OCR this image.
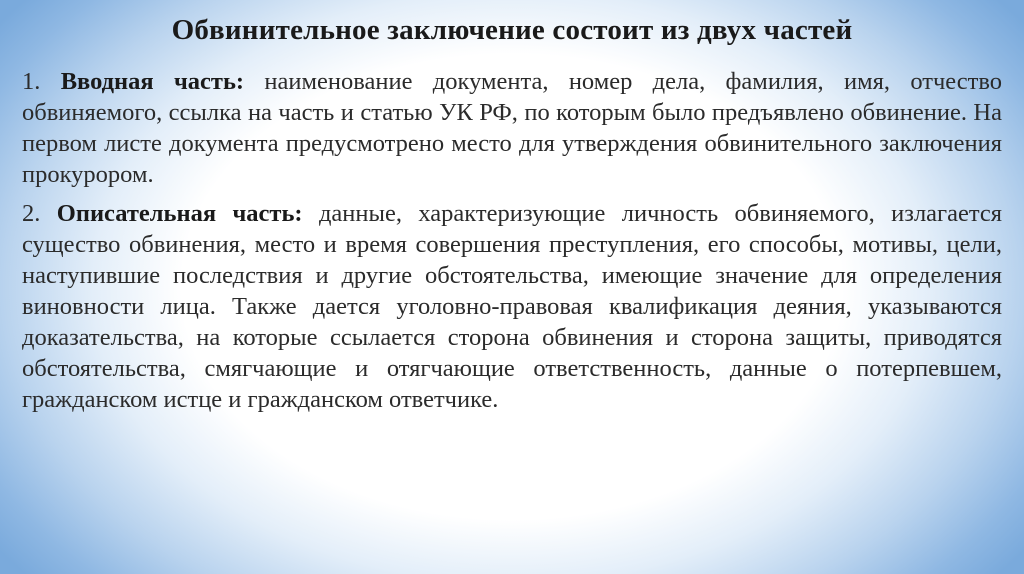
Обвинительное заключение состоит из двух частей

1. Вводная часть: наименование документа, номер дела, фамилия, имя, отчество обвиняемого, ссылка на часть и статью УК РФ, по которым было предъявлено обвинение. На первом листе документа предусмотрено место для утверждения обвинительного заключения прокурором.

2. Описательная часть: данные, характеризующие личность обвиняемого, излагается существо обвинения, место и время совершения преступления, его способы, мотивы, цели, наступившие последствия и другие обстоятельства, имеющие значение для определения виновности лица. Также дается уголовно-правовая квалификация деяния, указываются доказательства, на которые ссылается сторона обвинения и сторона защиты, приводятся обстоятельства, смягчающие и отягчающие ответственность, данные о потерпевшем, гражданском истце и гражданском ответчике.
